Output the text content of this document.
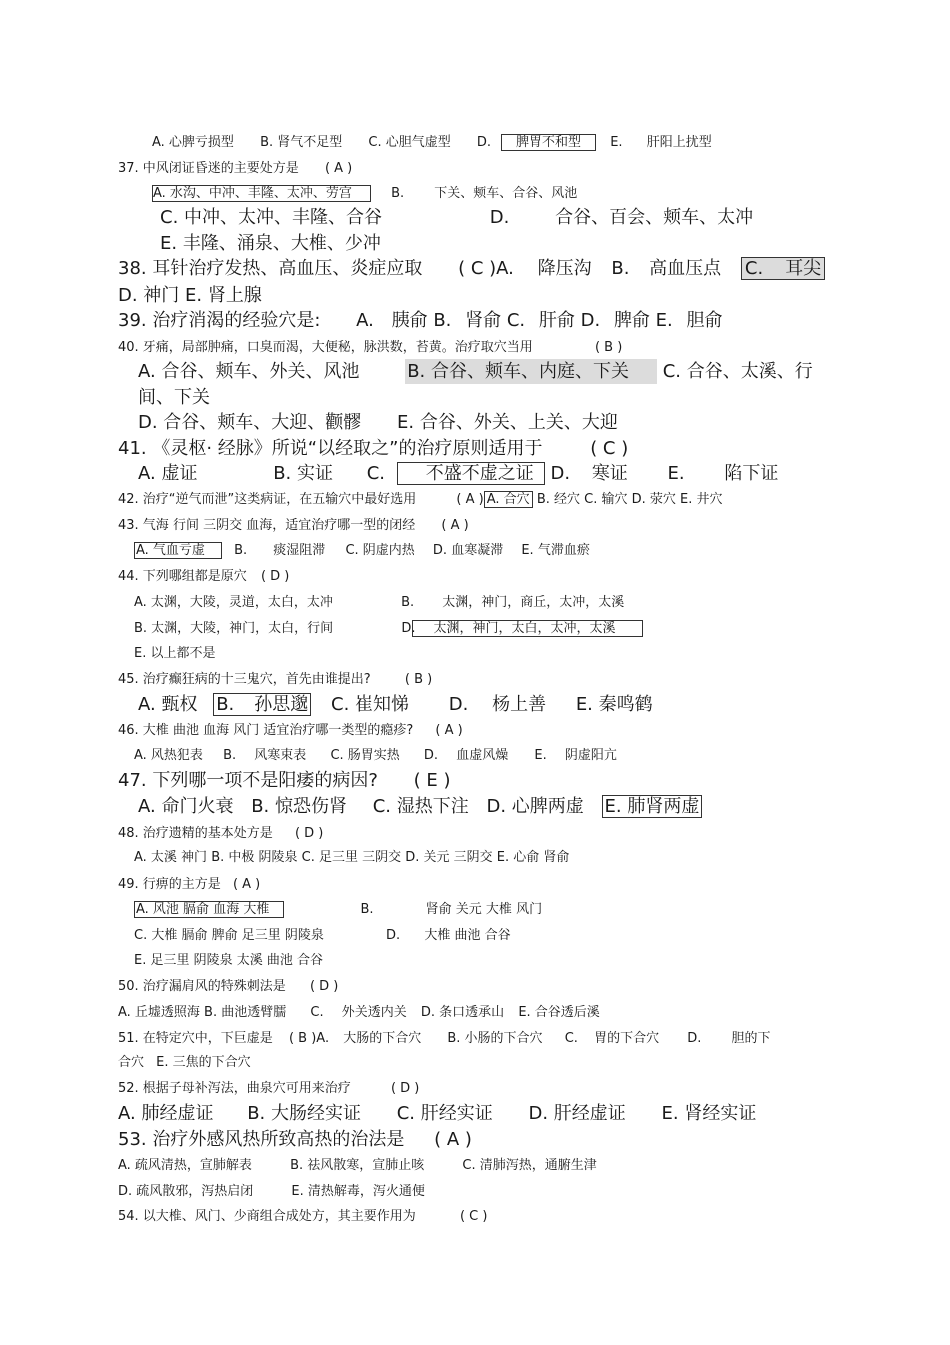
A. 心脾亏损型 B. 肾气不足型 C. 心胆气虚型 D. 脾胃不和型 E. 肝阳上扰型
37. 中风闭证昏迷的主要处方是 ( A )
A. 水沟、中冲、丰隆、太冲、劳宫	B. 下关、颊车、合谷、风池
C. 中冲、太冲、丰隆、合谷	D.	合谷、百会、颊车、太冲
E. 丰隆、涌泉、大椎、少冲
38. 耳针治疗发热、高血压、炎症应取 ( C )A. 降压沟 B. 高血压点 C. 耳尖
D. 神门 E. 肾上腺
39. 治疗消渴的经验穴是: A. 胰俞 B. 肾俞 C. 肝俞 D. 脾俞 E. 胆俞
40. 牙痛，局部肿痛，口臭而渴，大便秘，脉洪数，苔黄。治疗取穴当用	( B )
A. 合谷、颊车、外关、风池	B. 合谷、颊车、内庭、下关 C. 合谷、太溪、行
间、下关
D. 合谷、颊车、大迎、颧髎 E. 合谷、外关、上关、大迎
41. 《灵枢· 经脉》所说“以经取之”的治疗原则适用于	( C )
A. 虚证	B. 实证 C. 不盛不虚之证 D. 寒证 E. 陷下证
42. 治疗“逆气而泄”这类病证，在五输穴中最好选用	( A ) A. 合穴 B. 经穴 C. 输穴 D. 荥穴 E. 井穴
43. 气海 行间 三阴交 血海，适宜治疗哪一型的闭经 ( A )
A. 气血亏虚 B. 痰湿阻滞 C. 阴虚内热 D. 血寒凝滞 E. 气滞血瘀
44. 下列哪组都是原穴 ( D )
A. 太渊，大陵，灵道，太白，太冲	B. 太渊，神门，商丘，太冲，太溪
B. 太渊，大陵，神门，太白，行间	D. 太渊，神门，太白，太冲，太溪
E. 以上都不是
45. 治疗癫狂病的十三鬼穴，首先由谁提出?	( B )
A. 甄权 B. 孙思邈 C. 崔知悌 D. 杨上善 E. 秦鸣鹤
46. 大椎 曲池 血海 风门 适宜治疗哪一类型的瘾疹? ( A )
A. 风热犯表 B. 风寒束表 C. 肠胃实热 D. 血虚风燥 E. 阴虚阳亢
47. 下列哪一项不是阳痿的病因? ( E )
A. 命门火衰 B. 惊恐伤肾 C. 湿热下注 D. 心脾两虚 E. 肺肾两虚
48. 治疗遗精的基本处方是 ( D )
A. 太溪 神门 B. 中极 阴陵泉 C. 足三里 三阴交 D. 关元 三阴交 E. 心俞 肾俞
49. 行痹的主方是 ( A )
A. 风池 膈俞 血海 大椎	B.	肾俞 关元 大椎 风门
C. 大椎 膈俞 脾俞 足三里 阴陵泉	D. 大椎 曲池 合谷
E. 足三里 阴陵泉 太溪 曲池 合谷
50. 治疗漏肩风的特殊刺法是 ( D )
A. 丘墟透照海 B. 曲池透臂臑 C. 外关透内关 D. 条口透承山 E. 合谷透后溪
51. 在特定穴中，下巨虚是 ( B )A. 大肠的下合穴 B. 小肠的下合穴 C. 胃的下合穴 D. 胆的下
合穴 E. 三焦的下合穴
52. 根据子母补泻法，曲泉穴可用来治疗	( D )
A. 肺经虚证 B. 大肠经实证 C. 肝经实证 D. 肝经虚证 E. 肾经实证
53. 治疗外感风热所致高热的治法是 ( A )
A. 疏风清热，宣肺解表	B. 祛风散寒，宣肺止咳	C. 清肺泻热，通腑生津
D. 疏风散邪，泻热启闭	E. 清热解毒，泻火通便
54. 以大椎、风门、少商组合成处方，其主要作用为	( C )
